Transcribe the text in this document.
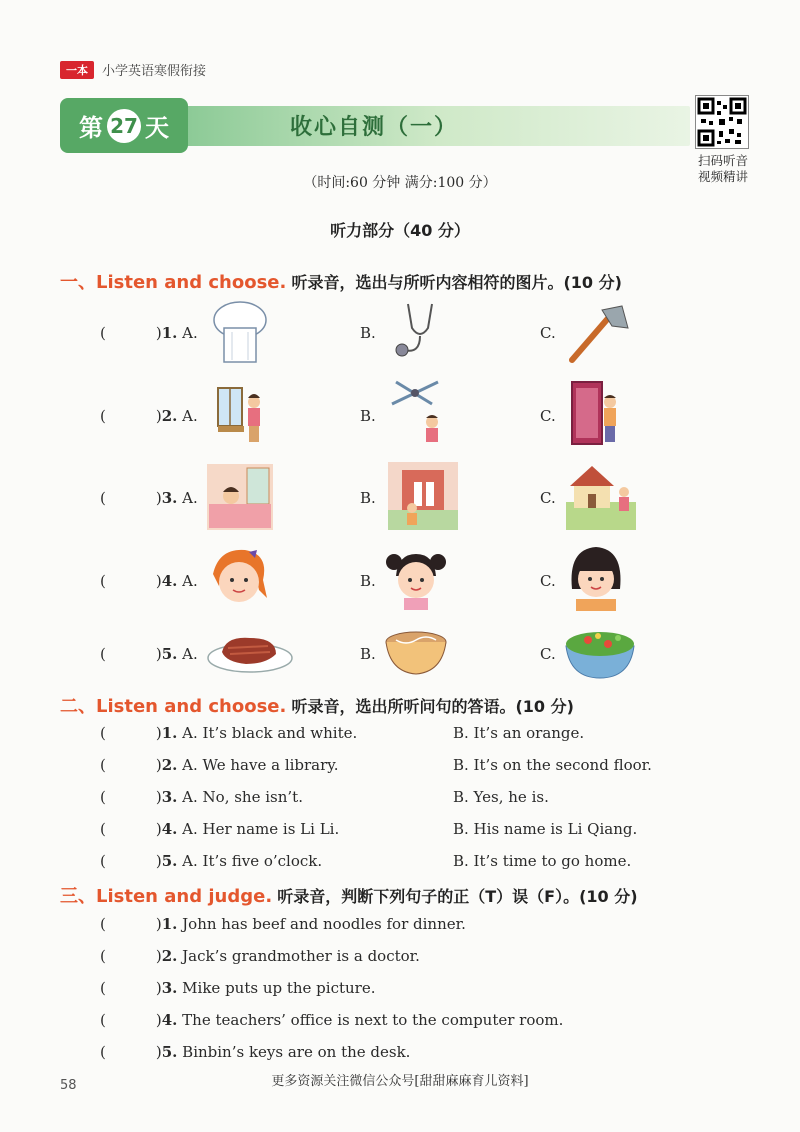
一本	小学英语寒假衔接
第 27 天	收心自测（一）
扫码听音
视频精讲
（时间:60 分钟 满分:100 分）
听力部分（40 分）
一、Listen and choose. 听录音，选出与所听内容相符的图片。(10 分)
(	)1. A.	B.	C.
(	)2. A.	B.	C.
(	)3. A.	B.	C.
(	)4. A.	B.	C.
(	)5. A.	B.	C.
二、Listen and choose. 听录音，选出所听问句的答语。(10 分)
(	)1. A. It’s black and white.	B. It’s an orange.
(	)2. A. We have a library.	B. It’s on the second floor.
(	)3. A. No, she isn’t.	B. Yes, he is.
(	)4. A. Her name is Li Li.	B. His name is Li Qiang.
(	)5. A. It’s five o’clock.	B. It’s time to go home.
三、Listen and judge. 听录音，判断下列句子的正（T）误（F）。(10 分)
(	)1. John has beef and noodles for dinner.
(	)2. Jack’s grandmother is a doctor.
(	)3. Mike puts up the picture.
(	)4. The teachers’ office is next to the computer room.
(	)5. Binbin’s keys are on the desk.
58	更多资源关注微信公众号[甜甜麻麻育儿资料]
